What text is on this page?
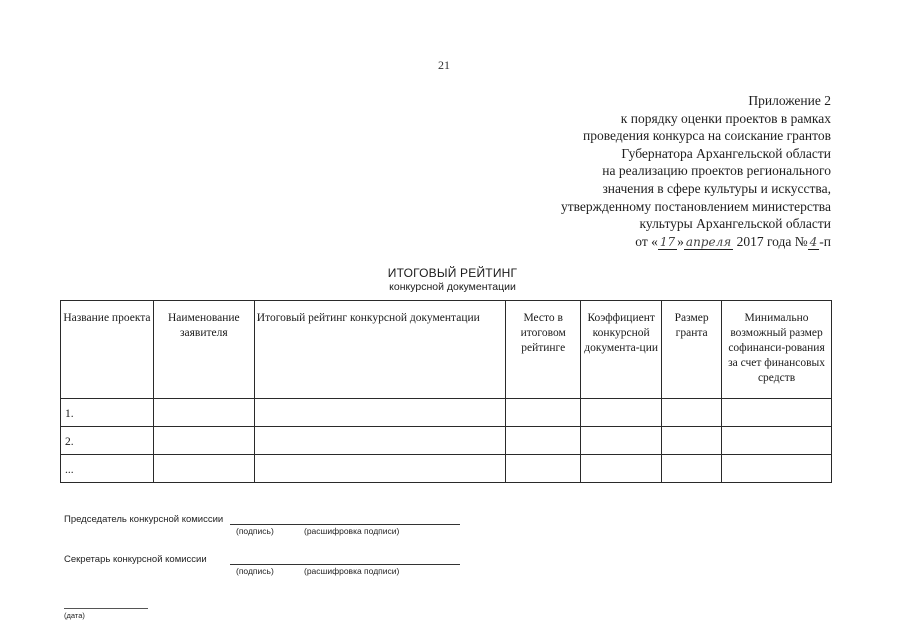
21
Приложение 2
к порядку оценки проектов в рамках
проведения конкурса на соискание грантов
Губернатора Архангельской области
на реализацию проектов регионального
значения в сфере культуры и искусства,
утвержденному постановлением министерства
культуры Архангельской области
от « 17 » апреля 2017 года № 4 -п
ИТОГОВЫЙ РЕЙТИНГ
конкурсной документации
Название проекта	Наименование заявителя	Итоговый рейтинг конкурсной документации	Место в итоговом рейтинге	Коэффициент конкурсной документа-ции	Размер гранта	Минимально возможный размер софинанси-рования за счет финансовых средств
1.						
2.						
...						
Председатель конкурсной комиссии
(подпись)	(расшифровка подписи)
Секретарь конкурсной комиссии
(подпись)	(расшифровка подписи)
(дата)
